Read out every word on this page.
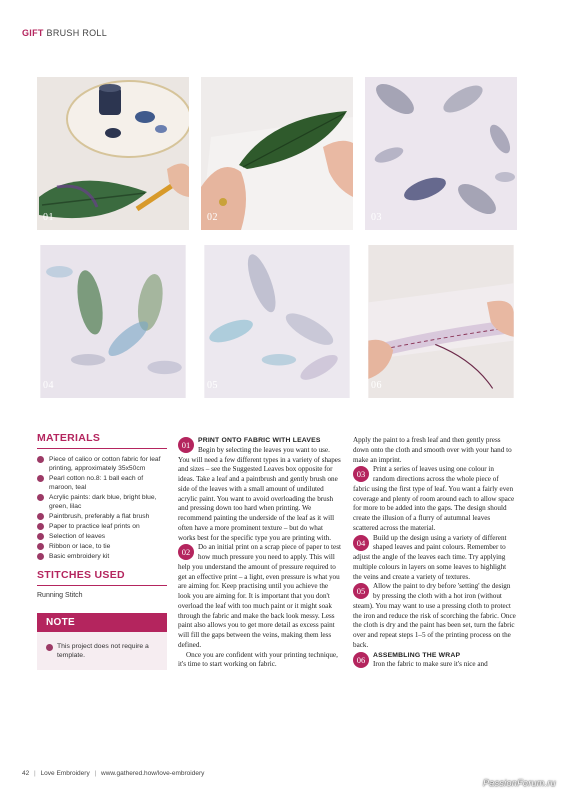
GIFT BRUSH ROLL
01	02	03
04	05	06
MATERIALS
Piece of calico or cotton fabric for leaf printing, approximately 35x50cm
Pearl cotton no.8: 1 ball each of maroon, teal
Acrylic paints: dark blue, bright blue, green, lilac
Paintbrush, preferably a flat brush
Paper to practice leaf prints on
Selection of leaves
Ribbon or lace, to tie
Basic embroidery kit
STITCHES USED
Running Stitch
NOTE
This project does not require a template.
01	PRINT ONTO FABRIC WITH LEAVES

Begin by selecting the leaves you want to use. You will need a few different types in a variety of shapes and sizes – see the Suggested Leaves box opposite for ideas. Take a leaf and a paintbrush and gently brush one side of the leaves with a small amount of undiluted acrylic paint. You want to avoid overloading the brush and pressing down too hard when printing. We recommend painting the underside of the leaf as it will often have a more prominent texture – but do what works best for the specific type you are printing with.

02	Do an initial print on a scrap piece of paper to test how much pressure you need to apply. This will help you understand the amount of pressure required to get an effective print – a light, even pressure is what you are aiming for. Keep practising until you achieve the look you are aiming for. It is important that you don't overload the leaf with too much paint or it might soak through the fabric and make the back look messy. Less paint also allows you to get more detail as excess paint will fill the gaps between the veins, making them less defined.

Once you are confident with your printing technique, it's time to start working on fabric.

Apply the paint to a fresh leaf and then gently press down onto the cloth and smooth over with your hand to make an imprint.

03	Print a series of leaves using one colour in random directions across the whole piece of fabric using the first type of leaf. You want a fairly even coverage and plenty of room around each to allow space for more to be added into the gaps. The design should create the illusion of a flurry of autumnal leaves scattered across the material.

04	Build up the design using a variety of different shaped leaves and paint colours. Remember to adjust the angle of the leaves each time. Try applying multiple colours in layers on some leaves to highlight the veins and create a variety of textures.

05	Allow the paint to dry before 'setting' the design by pressing the cloth with a hot iron (without steam). You may want to use a pressing cloth to protect the iron and reduce the risk of scorching the fabric. Once the cloth is dry and the paint has been set, turn the fabric over and repeat steps 1–5 of the printing process on the back.

06	ASSEMBLING THE WRAP

Iron the fabric to make sure it's nice and

42 | Love Embroidery | www.gathered.how/love-embroidery
PassionForum.ru
